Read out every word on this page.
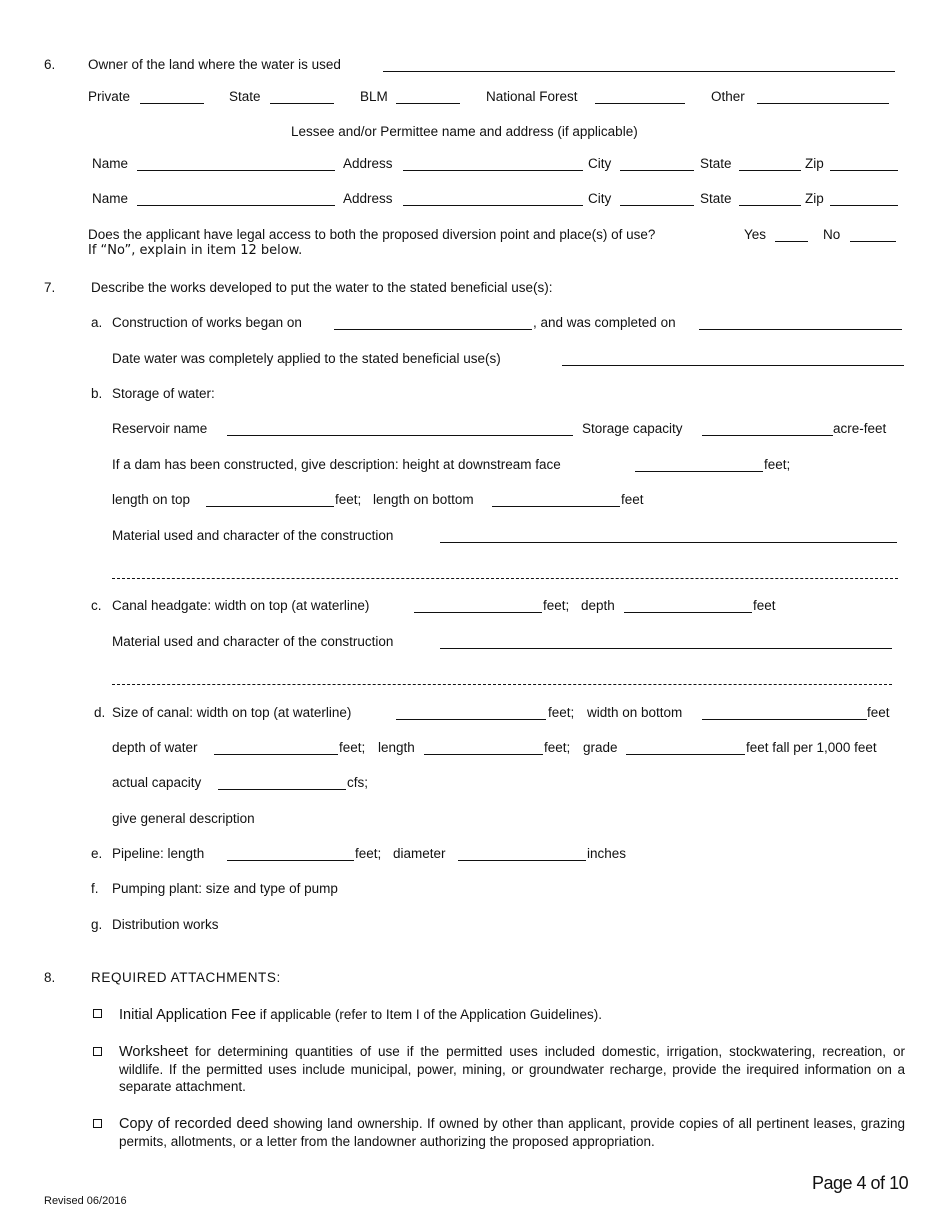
6. Owner of the land where the water is used
Private	State	BLM	National Forest	Other
Lessee and/or Permittee name and address (if applicable)
Name	Address	City	State	Zip
Name	Address	City	State	Zip
Does the applicant have legal access to both the proposed diversion point and place(s) of use?	Yes	No
If “No”, explain in item 12 below.
7.	Describe the works developed to put the water to the stated beneficial use(s):
a. Construction of works began on	, and was completed on
Date water was completely applied to the stated beneficial use(s)
b. Storage of water:
Reservoir name	Storage capacity	acre-feet
If a dam has been constructed, give description: height at downstream face	feet;
length on top	feet; length on bottom	feet
Material used and character of the construction
c. Canal headgate: width on top (at waterline)	feet; depth	feet
Material used and character of the construction
d. Size of canal: width on top (at waterline)	feet; width on bottom	feet
depth of water	feet; length	feet; grade	feet fall per 1,000 feet
actual capacity	cfs;
give general description
e. Pipeline: length	feet; diameter	inches
f. Pumping plant: size and type of pump
g. Distribution works
8.	REQUIRED ATTACHMENTS:
Initial Application Fee if applicable (refer to Item I of the Application Guidelines).
Worksheet for determining quantities of use if the permitted uses included domestic, irrigation, stockwatering, recreation, or wildlife. If the permitted uses include municipal, power, mining, or groundwater recharge, provide the irequired information on a separate attachment.
Copy of recorded deed showing land ownership. If owned by other than applicant, provide copies of all pertinent leases, grazing permits, allotments, or a letter from the landowner authorizing the proposed appropriation.
Page 4 of 10
Revised 06/2016
